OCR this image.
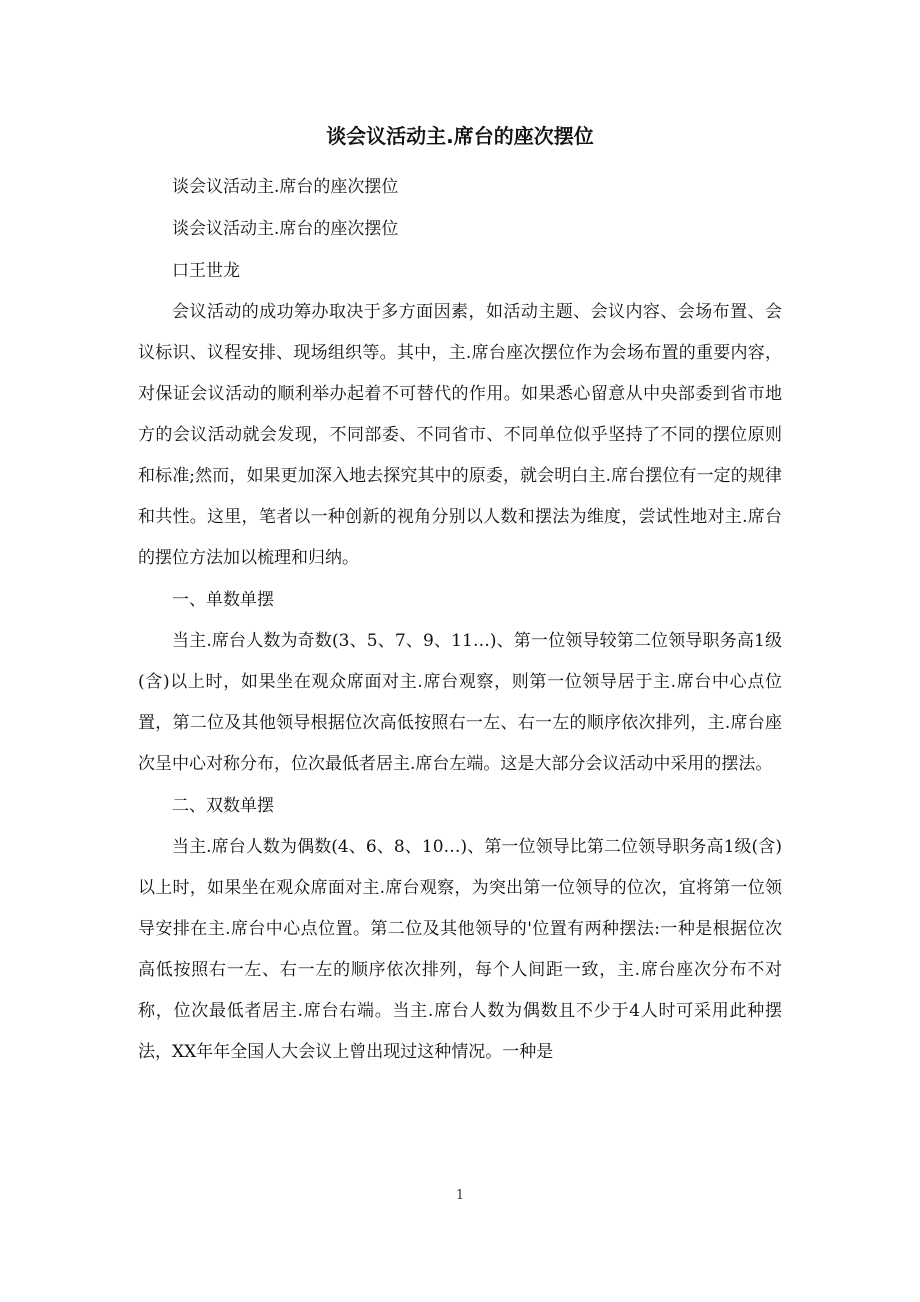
谈会议活动主.席台的座次摆位

谈会议活动主.席台的座次摆位

谈会议活动主.席台的座次摆位

口王世龙

会议活动的成功筹办取决于多方面因素，如活动主题、会议内容、会场布置、会议标识、议程安排、现场组织等。其中，主.席台座次摆位作为会场布置的重要内容，对保证会议活动的顺利举办起着不可替代的作用。如果悉心留意从中央部委到省市地方的会议活动就会发现，不同部委、不同省市、不同单位似乎坚持了不同的摆位原则和标准;然而，如果更加深入地去探究其中的原委，就会明白主.席台摆位有一定的规律和共性。这里，笔者以一种创新的视角分别以人数和摆法为维度，尝试性地对主.席台的摆位方法加以梳理和归纳。

一、单数单摆

当主.席台人数为奇数(3、5、7、9、11…)、第一位领导较第二位领导职务高1级(含)以上时，如果坐在观众席面对主.席台观察，则第一位领导居于主.席台中心点位置，第二位及其他领导根据位次高低按照右一左、右一左的顺序依次排列，主.席台座次呈中心对称分布，位次最低者居主.席台左端。这是大部分会议活动中采用的摆法。

二、双数单摆

当主.席台人数为偶数(4、6、8、10…)、第一位领导比第二位领导职务高1级(含)以上时，如果坐在观众席面对主.席台观察，为突出第一位领导的位次，宜将第一位领导安排在主.席台中心点位置。第二位及其他领导的'位置有两种摆法:一种是根据位次高低按照右一左、右一左的顺序依次排列，每个人间距一致，主.席台座次分布不对称，位次最低者居主.席台右端。当主.席台人数为偶数且不少于4人时可采用此种摆法，XX年年全国人大会议上曾出现过这种情况。一种是

1
